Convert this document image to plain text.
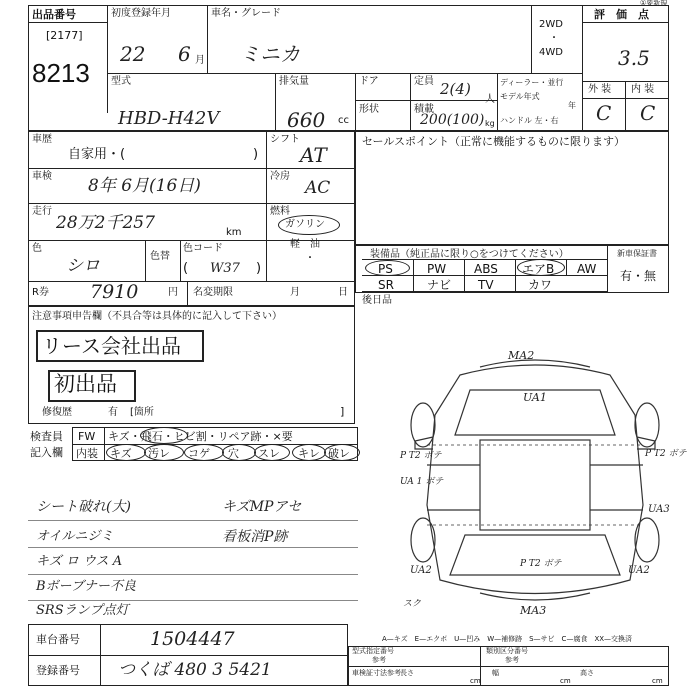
出品番号
[2177]
8213
初度登録年月	車名・グレード
22 6 月 ミニカ
2WD
・
4WD
評　価　点
3.5
①要新規
型式
HBD-H42V
排気量
660 cc
ドア	定員 2(4)
人
形状	積載
200(100) kg
ディーラー・並行
モデル年式
年
ハンドル 左・右
外 装 内 装
C C
車歴
自家用・(	)
シフト
AT
車検 8年 6月(16日)	冷房
AC
走行
28万2千257	km
燃料
ガソリン
軽　油
・
色
シロ	色替
色コード
( W37 )
R券 7910	円 名変期限	月	日
セールスポイント（正常に機能するものに限ります）
装備品（純正品に限り○をつけてください）	新車保証書
有・無
PS	PW ABS エアB AW
SR	ナビ TV	カワ
後日品
注意事項申告欄（不具合等は具体的に記入して下さい）
リース会社出品
初出品
修復歴	有 [箇所	]
検査員
記入欄
FW
内装
キズ・飛石・ヒビ割・リペア跡・×要
キズ 汚レ コゲ 穴 スレ キレ 破レ
シート破れ(大)
オイルニジミ
キズ ロ ウス A
Bボーブナー不良
SRSランプ点灯
キズMPアセ
看板消P跡
MA2
UA1
P T2 ボテ
UA 1 ボテ
P T2 ボテ
UA3
UA2	UA2
P T2 ボテ
MA3
スク
車台番号	1504447
登録番号 つくば 480 3 5421
A—キズ　E—エクボ　U—凹み　W—補修跡　S—サビ　C—腐食　XX—交換済
型式指定番号
参考
類別区分番号
参考
車検証寸法参考 長さ
cm
幅
cm
高さ
cm
